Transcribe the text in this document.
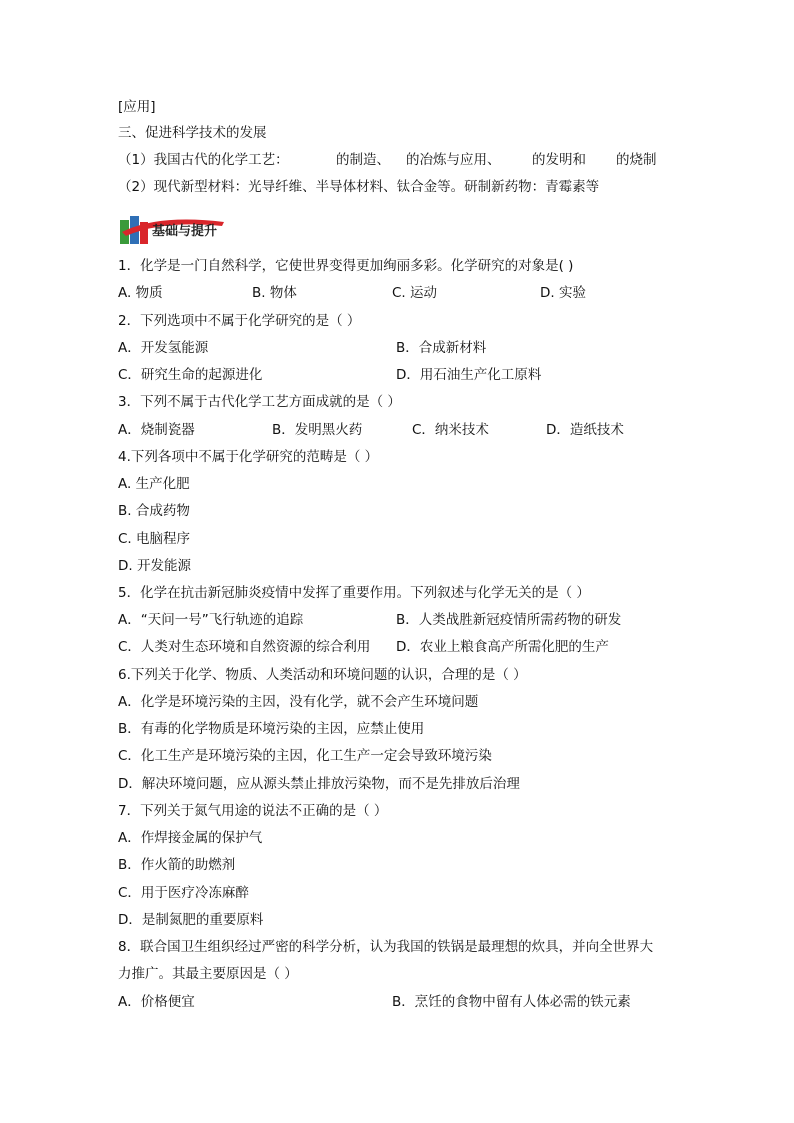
[应用]
三、促进科学技术的发展
（1）我国古代的化学工艺：	的制造、 的冶炼与应用、 的发明和 的烧制
（2）现代新型材料：光导纤维、半导体材料、钛合金等。研制新药物：青霉素等
基础与提升
1．化学是一门自然科学，它使世界变得更加绚丽多彩。化学研究的对象是( )
A. 物质	B. 物体	C. 运动	D. 实验
2．下列选项中不属于化学研究的是（ ）
A．开发氢能源	B．合成新材料
C．研究生命的起源进化	D．用石油生产化工原料
3．下列不属于古代化学工艺方面成就的是（ ）
A．烧制瓷器	B．发明黑火药	C．纳米技术	D．造纸技术
4.下列各项中不属于化学研究的范畴是（ ）
A. 生产化肥
B. 合成药物
C. 电脑程序
D. 开发能源
5．化学在抗击新冠肺炎疫情中发挥了重要作用。下列叙述与化学无关的是（ ）
A．“天问一号”飞行轨迹的追踪	B．人类战胜新冠疫情所需药物的研发
C．人类对生态环境和自然资源的综合利用 D．农业上粮食高产所需化肥的生产
6.下列关于化学、物质、人类活动和环境问题的认识，合理的是（ ）
A．化学是环境污染的主因，没有化学，就不会产生环境问题
B．有毒的化学物质是环境污染的主因，应禁止使用
C．化工生产是环境污染的主因，化工生产一定会导致环境污染
D．解决环境问题，应从源头禁止排放污染物，而不是先排放后治理
7．下列关于氮气用途的说法不正确的是（ ）
A．作焊接金属的保护气
B．作火箭的助燃剂
C．用于医疗冷冻麻醉
D．是制氮肥的重要原料
8．联合国卫生组织经过严密的科学分析，认为我国的铁锅是最理想的炊具，并向全世界大
力推广。其最主要原因是（ ）
A．价格便宜	B．烹饪的食物中留有人体必需的铁元素
